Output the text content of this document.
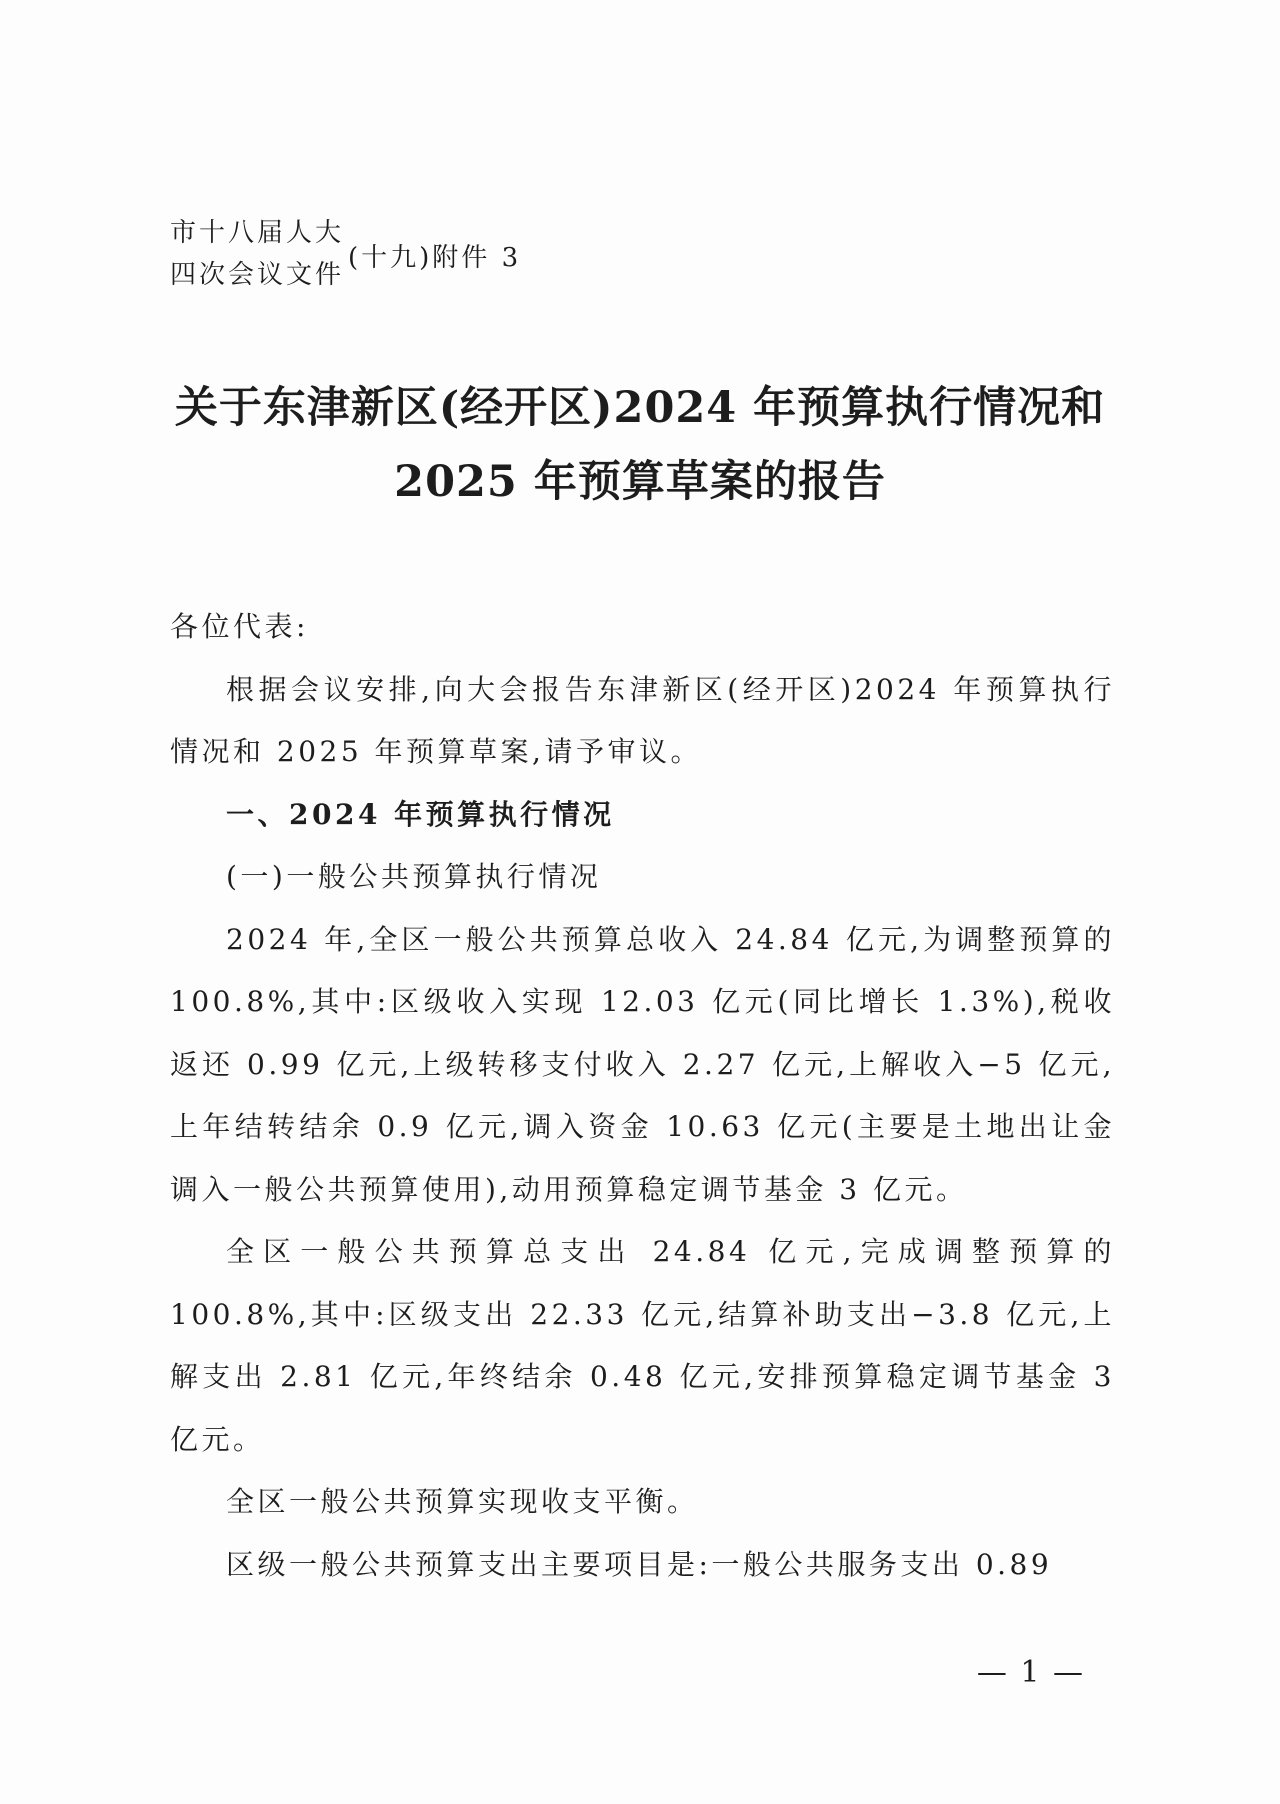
市十八届人大
四次会议文件
(十九)附件 3
关于东津新区(经开区)2024 年预算执行情况和
2025 年预算草案的报告

各位代表:

根据会议安排,向大会报告东津新区(经开区)2024 年预算执行情况和 2025 年预算草案,请予审议。

一、2024 年预算执行情况

(一)一般公共预算执行情况

2024 年,全区一般公共预算总收入 24.84 亿元,为调整预算的 100.8%,其中:区级收入实现 12.03 亿元(同比增长 1.3%),税收返还 0.99 亿元,上级转移支付收入 2.27 亿元,上解收入−5 亿元,上年结转结余 0.9 亿元,调入资金 10.63 亿元(主要是土地出让金调入一般公共预算使用),动用预算稳定调节基金 3 亿元。

全区一般公共预算总支出 24.84 亿元,完成调整预算的 100.8%,其中:区级支出 22.33 亿元,结算补助支出−3.8 亿元,上解支出 2.81 亿元,年终结余 0.48 亿元,安排预算稳定调节基金 3 亿元。

全区一般公共预算实现收支平衡。

区级一般公共预算支出主要项目是:一般公共服务支出 0.89

— 1 —
